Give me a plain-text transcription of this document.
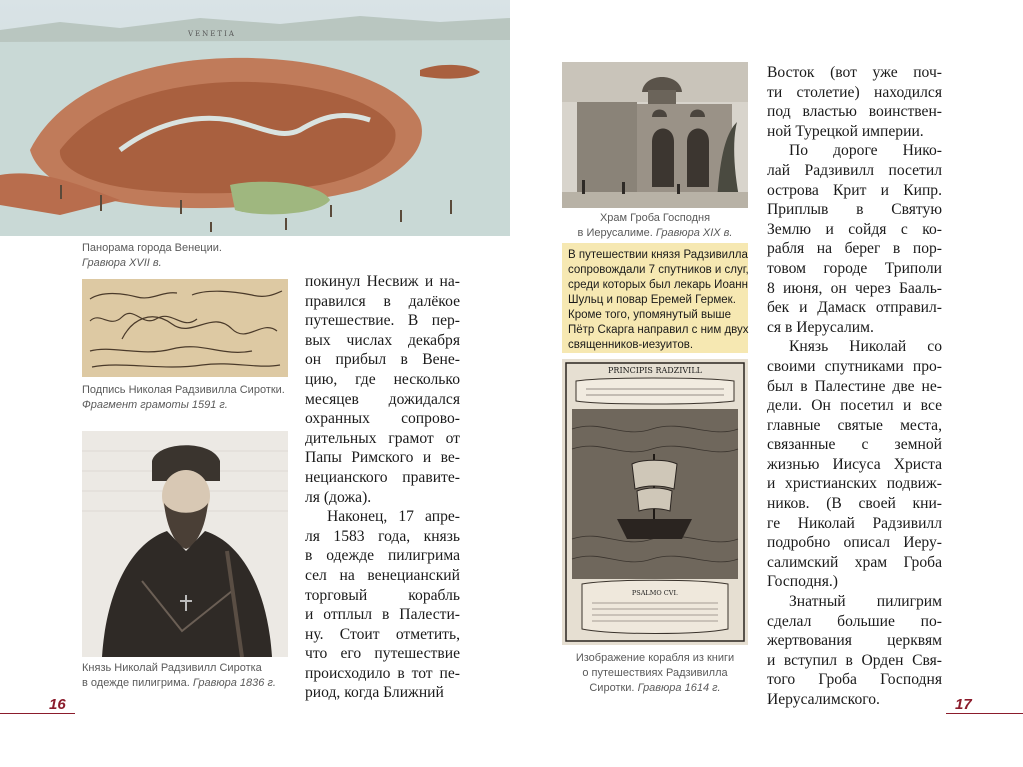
VENETIA
Панорама города Венеции.
Гравюра XVII в.
Подпись Николая Радзивилла Сиротки.
Фрагмент грамоты 1591 г.
Князь Николай Радзивилл Сиротка
в одежде пилигрима. Гравюра 1836 г.
покинул Несвиж и на-
правился в далёкое
путешествие. В пер-
вых числах декабря
он прибыл в Вене-
цию, где несколько
месяцев дожидался
охранных сопрово-
дительных грамот от
Папы Римского и ве-
нецианского правите-
ля (дожа).
Наконец, 17 апре-
ля 1583 года, князь
в одежде пилигрима
сел на венецианский
торговый корабль
и отплыл в Палести-
ну. Стоит отметить,
что его путешествие
происходило в тот пе-
риод, когда Ближний
16
Храм Гроба Господня
в Иерусалиме. Гравюра XIX в.
В путешествии князя Радзивилла
сопровождали 7 спутников и слуг,
среди которых был лекарь Иоанн
Шульц и повар Еремей Гермек.
Кроме того, упомянутый выше
Пётр Скарга направил с ним двух
священников-иезуитов.
PRINCIPIS RADZIVILL
PSALMO CVI.
Изображение корабля из книги
о путешествиях Радзивилла
Сиротки. Гравюра 1614 г.
Восток (вот уже поч-
ти столетие) находился
под властью воинствен-
ной Турецкой империи.
По дороге Нико-
лай Радзивилл посетил
острова Крит и Кипр.
Приплыв в Святую
Землю и сойдя с ко-
рабля на берег в пор-
товом городе Триполи
8 июня, он через Бааль-
бек и Дамаск отправил-
ся в Иерусалим.
Князь Николай со
своими спутниками про-
был в Палестине две не-
дели. Он посетил и все
главные святые места,
связанные с земной
жизнью Иисуса Христа
и христианских подвиж-
ников. (В своей кни-
ге Николай Радзивилл
подробно описал Иеру-
салимский храм Гроба
Господня.)
Знатный пилигрим
сделал большие по-
жертвования церквям
и вступил в Орден Свя-
того Гроба Господня
Иерусалимского.	17
